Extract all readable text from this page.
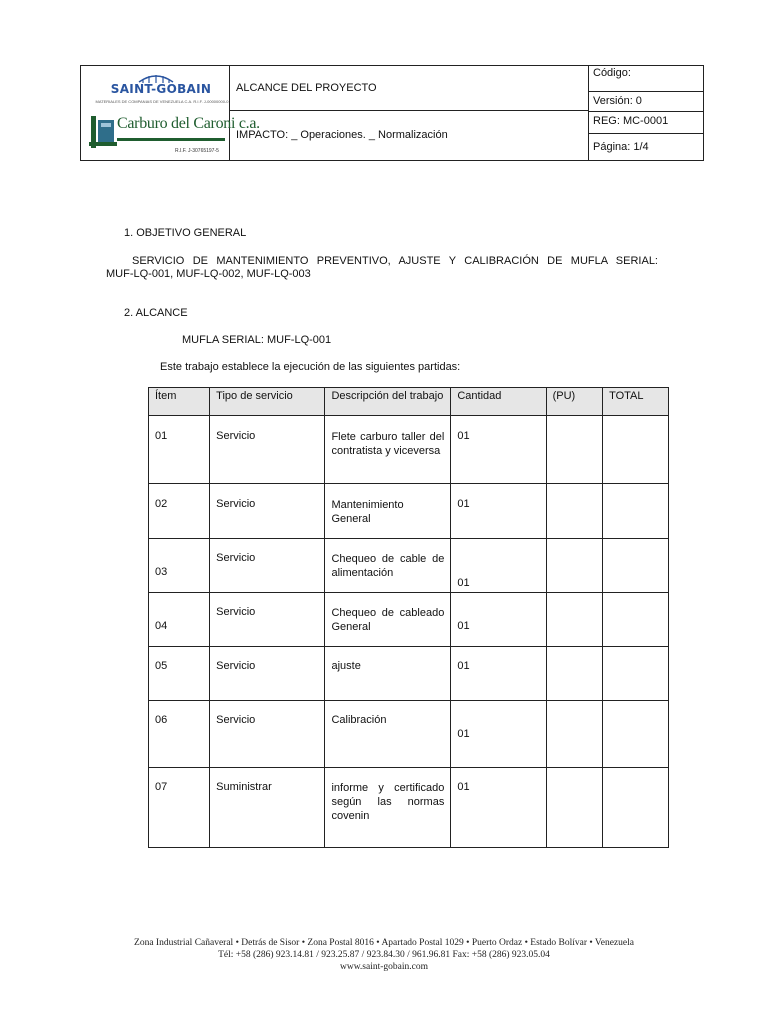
SAINT-GOBAIN
MATERIALES DE COMPANIAS DE VENEZUELA C.A. R.I.F. J-00000000-0
Carburo del Caroni c.a.
R.I.F. J-30765197-5
ALCANCE DEL PROYECTO
IMPACTO: _ Operaciones. _ Normalización
Código:
Versión: 0
REG: MC-0001
Página: 1/4
1. OBJETIVO GENERAL
SERVICIO DE MANTENIMIENTO PREVENTIVO, AJUSTE Y CALIBRACIÓN DE MUFLA SERIAL:
MUF-LQ-001, MUF-LQ-002, MUF-LQ-003
2. ALCANCE
MUFLA SERIAL: MUF-LQ-001
Este trabajo establece la ejecución de las siguientes partidas:
Ítem	Tipo de servicio	Descripción del trabajo	Cantidad	(PU)	TOTAL
01	Servicio	Flete carburo taller del contratista y viceversa	01		
02	Servicio	Mantenimiento General	01		
03	Servicio	Chequeo de cable de alimentación	01		
04	Servicio	Chequeo de cableado General	01		
05	Servicio	ajuste	01		
06	Servicio	Calibración	01		
07	Suministrar	informe y certificado según las normas covenin	01		
Zona Industrial Cañaveral • Detrás de Sisor • Zona Postal 8016 • Apartado Postal 1029 • Puerto Ordaz • Estado Bolívar • Venezuela
Tél: +58 (286) 923.14.81 / 923.25.87 / 923.84.30 / 961.96.81 Fax: +58 (286) 923.05.04
www.saint-gobain.com
